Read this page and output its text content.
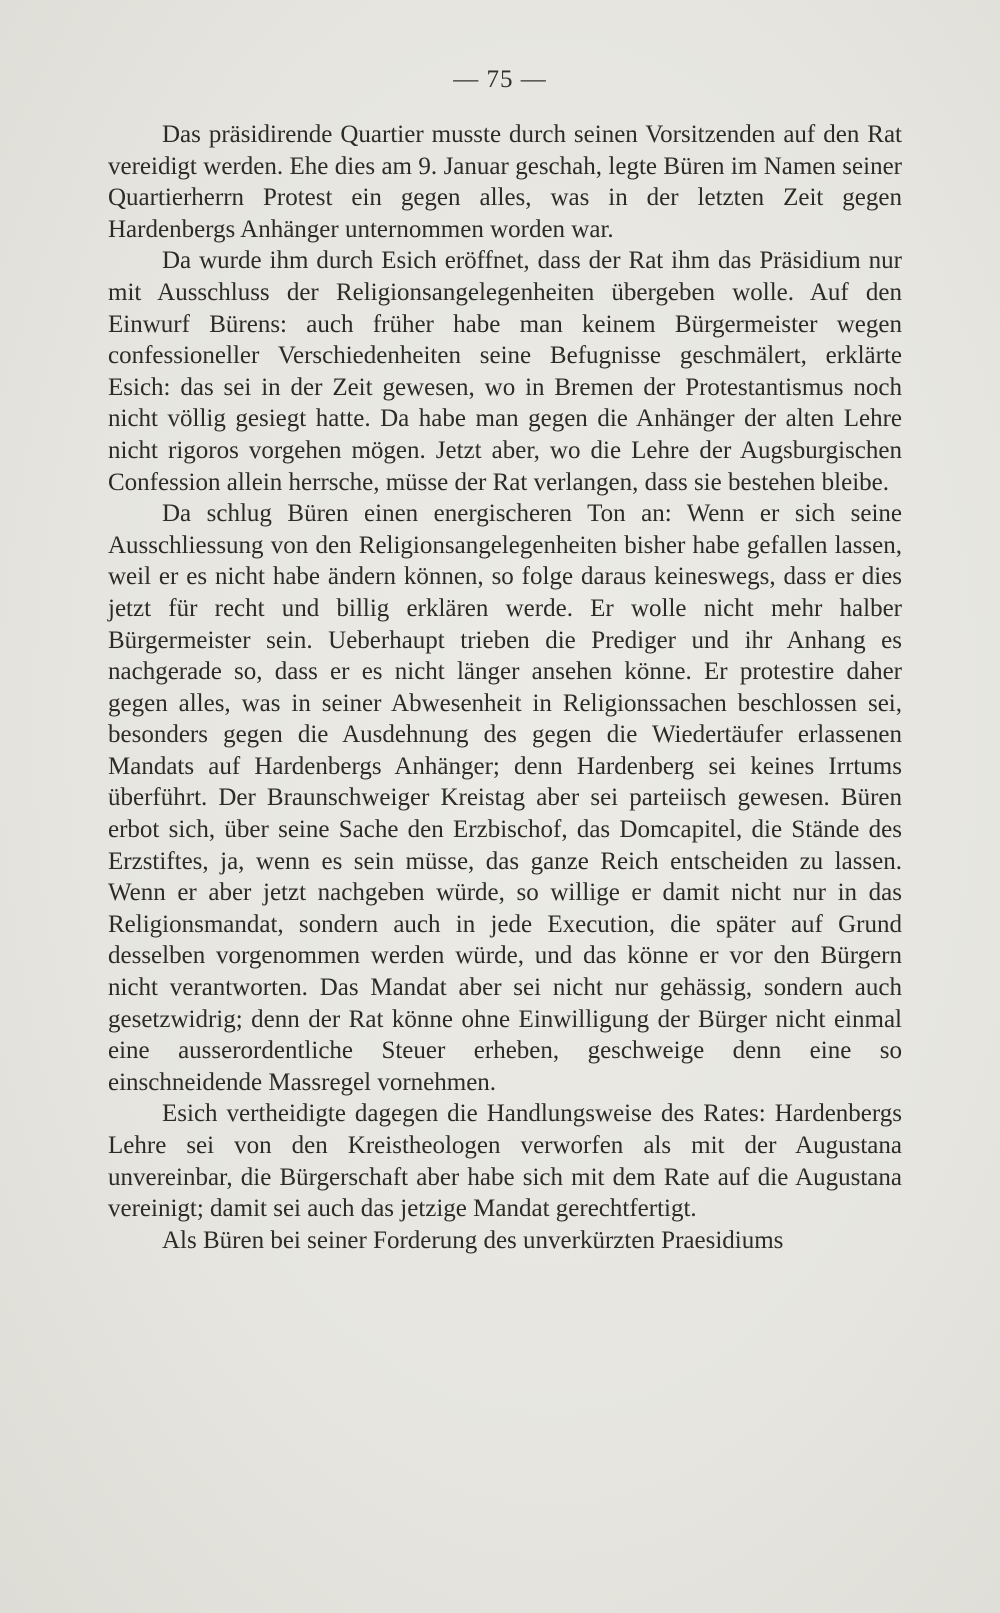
— 75 —

Das präsidirende Quartier musste durch seinen Vorsitzenden auf den Rat vereidigt werden. Ehe dies am 9. Januar geschah, legte Büren im Namen seiner Quartierherrn Protest ein gegen alles, was in der letzten Zeit gegen Hardenbergs Anhänger unternommen worden war.

Da wurde ihm durch Esich eröffnet, dass der Rat ihm das Präsidium nur mit Ausschluss der Religionsangelegenheiten übergeben wolle. Auf den Einwurf Bürens: auch früher habe man keinem Bürgermeister wegen confessioneller Verschiedenheiten seine Befugnisse geschmälert, erklärte Esich: das sei in der Zeit gewesen, wo in Bremen der Protestantismus noch nicht völlig gesiegt hatte. Da habe man gegen die Anhänger der alten Lehre nicht rigoros vorgehen mögen. Jetzt aber, wo die Lehre der Augsburgischen Confession allein herrsche, müsse der Rat verlangen, dass sie bestehen bleibe.

Da schlug Büren einen energischeren Ton an: Wenn er sich seine Ausschliessung von den Religionsangelegenheiten bisher habe gefallen lassen, weil er es nicht habe ändern können, so folge daraus keineswegs, dass er dies jetzt für recht und billig erklären werde. Er wolle nicht mehr halber Bürgermeister sein. Ueberhaupt trieben die Prediger und ihr Anhang es nachgerade so, dass er es nicht länger ansehen könne. Er protestire daher gegen alles, was in seiner Abwesenheit in Religionssachen beschlossen sei, besonders gegen die Ausdehnung des gegen die Wiedertäufer erlassenen Mandats auf Hardenbergs Anhänger; denn Hardenberg sei keines Irrtums überführt. Der Braunschweiger Kreistag aber sei parteiisch gewesen. Büren erbot sich, über seine Sache den Erzbischof, das Domcapitel, die Stände des Erzstiftes, ja, wenn es sein müsse, das ganze Reich entscheiden zu lassen. Wenn er aber jetzt nachgeben würde, so willige er damit nicht nur in das Religionsmandat, sondern auch in jede Execution, die später auf Grund desselben vorgenommen werden würde, und das könne er vor den Bürgern nicht verantworten. Das Mandat aber sei nicht nur gehässig, sondern auch gesetzwidrig; denn der Rat könne ohne Einwilligung der Bürger nicht einmal eine ausserordentliche Steuer erheben, geschweige denn eine so einschneidende Massregel vornehmen.

Esich vertheidigte dagegen die Handlungsweise des Rates: Hardenbergs Lehre sei von den Kreistheologen verworfen als mit der Augustana unvereinbar, die Bürgerschaft aber habe sich mit dem Rate auf die Augustana vereinigt; damit sei auch das jetzige Mandat gerechtfertigt.

Als Büren bei seiner Forderung des unverkürzten Praesidiums
